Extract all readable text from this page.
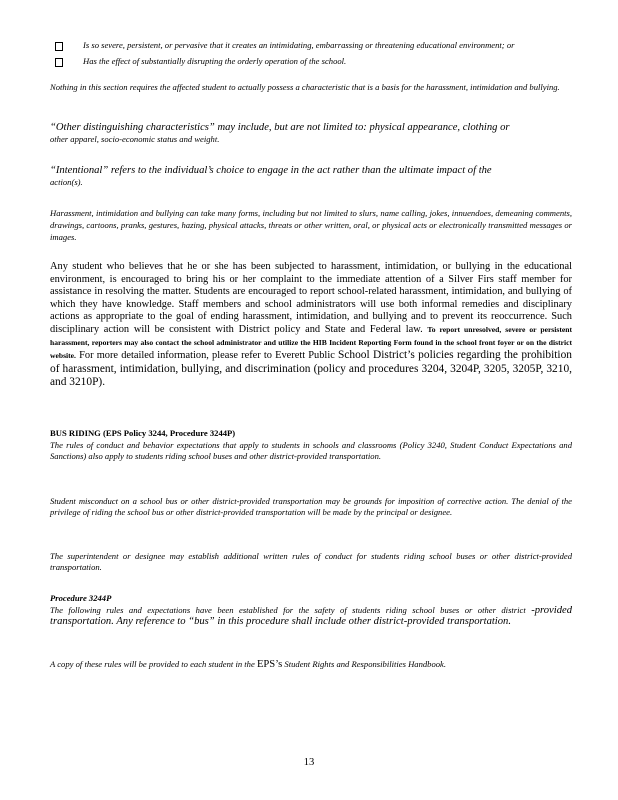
Is so severe, persistent, or pervasive that it creates an intimidating, embarrassing or threatening educational environment; or
Has the effect of substantially disrupting the orderly operation of the school.

Nothing in this section requires the affected student to actually possess a characteristic that is a basis for the harassment, intimidation and bullying.

“Other distinguishing characteristics” may include, but are not limited to: physical appearance, clothing or

other apparel, socio-economic status and weight.

“Intentional” refers to the individual’s choice to engage in the act rather than the ultimate impact of the

action(s).

Harassment, intimidation and bullying can take many forms, including but not limited to slurs, name calling, jokes, innuendoes, demeaning comments, drawings, cartoons, pranks, gestures, hazing, physical attacks, threats or other written, oral, or physical acts or electronically transmitted messages or images.

Any student who believes that he or she has been subjected to harassment, intimidation, or bullying in the educational environment, is encouraged to bring his or her complaint to the immediate attention of a Silver Firs staff member for assistance in resolving the matter. Students are encouraged to report school-related harassment, intimidation, and bullying of which they have knowledge. Staff members and school administrators will use both informal remedies and disciplinary actions as appropriate to the goal of ending harassment, intimidation, and bullying and to prevent its reoccurrence. Such disciplinary action will be consistent with District policy and State and Federal law. To report unresolved, severe or persistent harassment, reporters may also contact the school administrator and utilize the HIB Incident Reporting Form found in the school front foyer or on the district website. For more detailed information, please refer to Everett Public School District’s policies regarding the prohibition of harassment, intimidation, bullying, and discrimination (policy and procedures 3204, 3204P, 3205, 3205P, 3210, and 3210P).

BUS RIDING (EPS Policy 3244, Procedure 3244P)

The rules of conduct and behavior expectations that apply to students in schools and classrooms (Policy 3240, Student Conduct Expectations and Sanctions) also apply to students riding school buses and other district-provided transportation.

Student misconduct on a school bus or other district-provided transportation may be grounds for imposition of corrective action. The denial of the privilege of riding the school bus or other district-provided transportation will be made by the principal or designee.

The superintendent or designee may establish additional written rules of conduct for students riding school buses or other district-provided transportation.

Procedure 3244P

The following rules and expectations have been established for the safety of students riding school buses or other district -provided transportation. Any reference to “bus” in this procedure shall include other district-provided transportation.

A copy of these rules will be provided to each student in the EPS’s Student Rights and Responsibilities Handbook.

13
